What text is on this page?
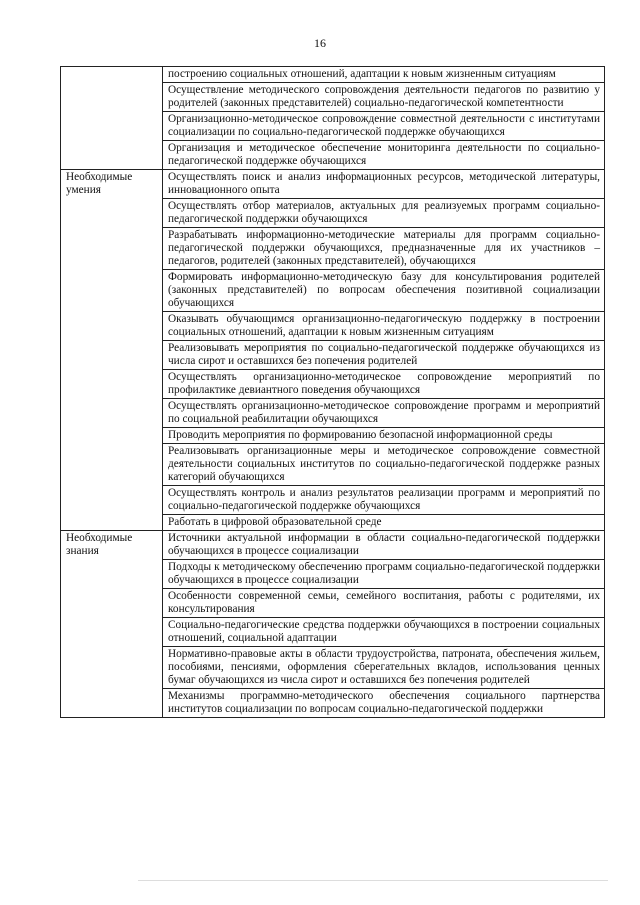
16
	построению социальных отношений, адаптации к новым жизненным ситуациям
	Осуществление методического сопровождения деятельности педагогов по развитию у родителей (законных представителей) социально-педагогической компетентности
	Организационно-методическое сопровождение совместной деятельности с институтами социализации по социально-педагогической поддержке обучающихся
	Организация и методическое обеспечение мониторинга деятельности по социально-педагогической поддержке обучающихся
Необходимые умения	Осуществлять поиск и анализ информационных ресурсов, методической литературы, инновационного опыта
	Осуществлять отбор материалов, актуальных для реализуемых программ социально-педагогической поддержки обучающихся
	Разрабатывать информационно-методические материалы для программ социально-педагогической поддержки обучающихся, предназначенные для их участников – педагогов, родителей (законных представителей), обучающихся
	Формировать информационно-методическую базу для консультирования родителей (законных представителей) по вопросам обеспечения позитивной социализации обучающихся
	Оказывать обучающимся организационно-педагогическую поддержку в построении социальных отношений, адаптации к новым жизненным ситуациям
	Реализовывать мероприятия по социально-педагогической поддержке обучающихся из числа сирот и оставшихся без попечения родителей
	Осуществлять организационно-методическое сопровождение мероприятий по профилактике девиантного поведения обучающихся
	Осуществлять организационно-методическое сопровождение программ и мероприятий по социальной реабилитации обучающихся
	Проводить мероприятия по формированию безопасной информационной среды
	Реализовывать организационные меры и методическое сопровождение совместной деятельности социальных институтов по социально-педагогической поддержке разных категорий обучающихся
	Осуществлять контроль и анализ результатов реализации программ и мероприятий по социально-педагогической поддержке обучающихся
	Работать в цифровой образовательной среде
Необходимые знания	Источники актуальной информации в области социально-педагогической поддержки обучающихся в процессе социализации
	Подходы к методическому обеспечению программ социально-педагогической поддержки обучающихся в процессе социализации
	Особенности современной семьи, семейного воспитания, работы с родителями, их консультирования
	Социально-педагогические средства поддержки обучающихся в построении социальных отношений, социальной адаптации
	Нормативно-правовые акты в области трудоустройства, патроната, обеспечения жильем, пособиями, пенсиями, оформления сберегательных вкладов, использования ценных бумаг обучающихся из числа сирот и оставшихся без попечения родителей
	Механизмы программно-методического обеспечения социального партнерства институтов социализации по вопросам социально-педагогической поддержки
